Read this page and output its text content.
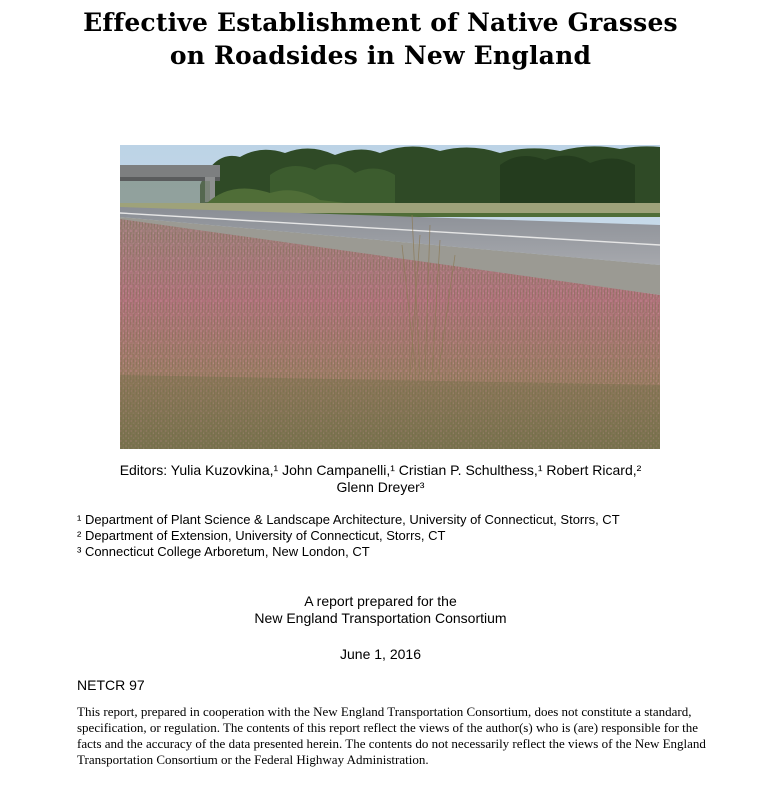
Effective Establishment of Native Grasses
on Roadsides in New England
Editors: Yulia Kuzovkina,¹ John Campanelli,¹ Cristian P. Schulthess,¹ Robert Ricard,²
Glenn Dreyer³
¹ Department of Plant Science & Landscape Architecture, University of Connecticut, Storrs, CT
² Department of Extension, University of Connecticut, Storrs, CT
³ Connecticut College Arboretum, New London, CT
A report prepared for the
New England Transportation Consortium
June 1, 2016
NETCR 97
This report, prepared in cooperation with the New England Transportation Consortium, does not constitute a standard, specification, or regulation. The contents of this report reflect the views of the author(s) who is (are) responsible for the facts and the accuracy of the data presented herein. The contents do not necessarily reflect the views of the New England Transportation Consortium or the Federal Highway Administration.
